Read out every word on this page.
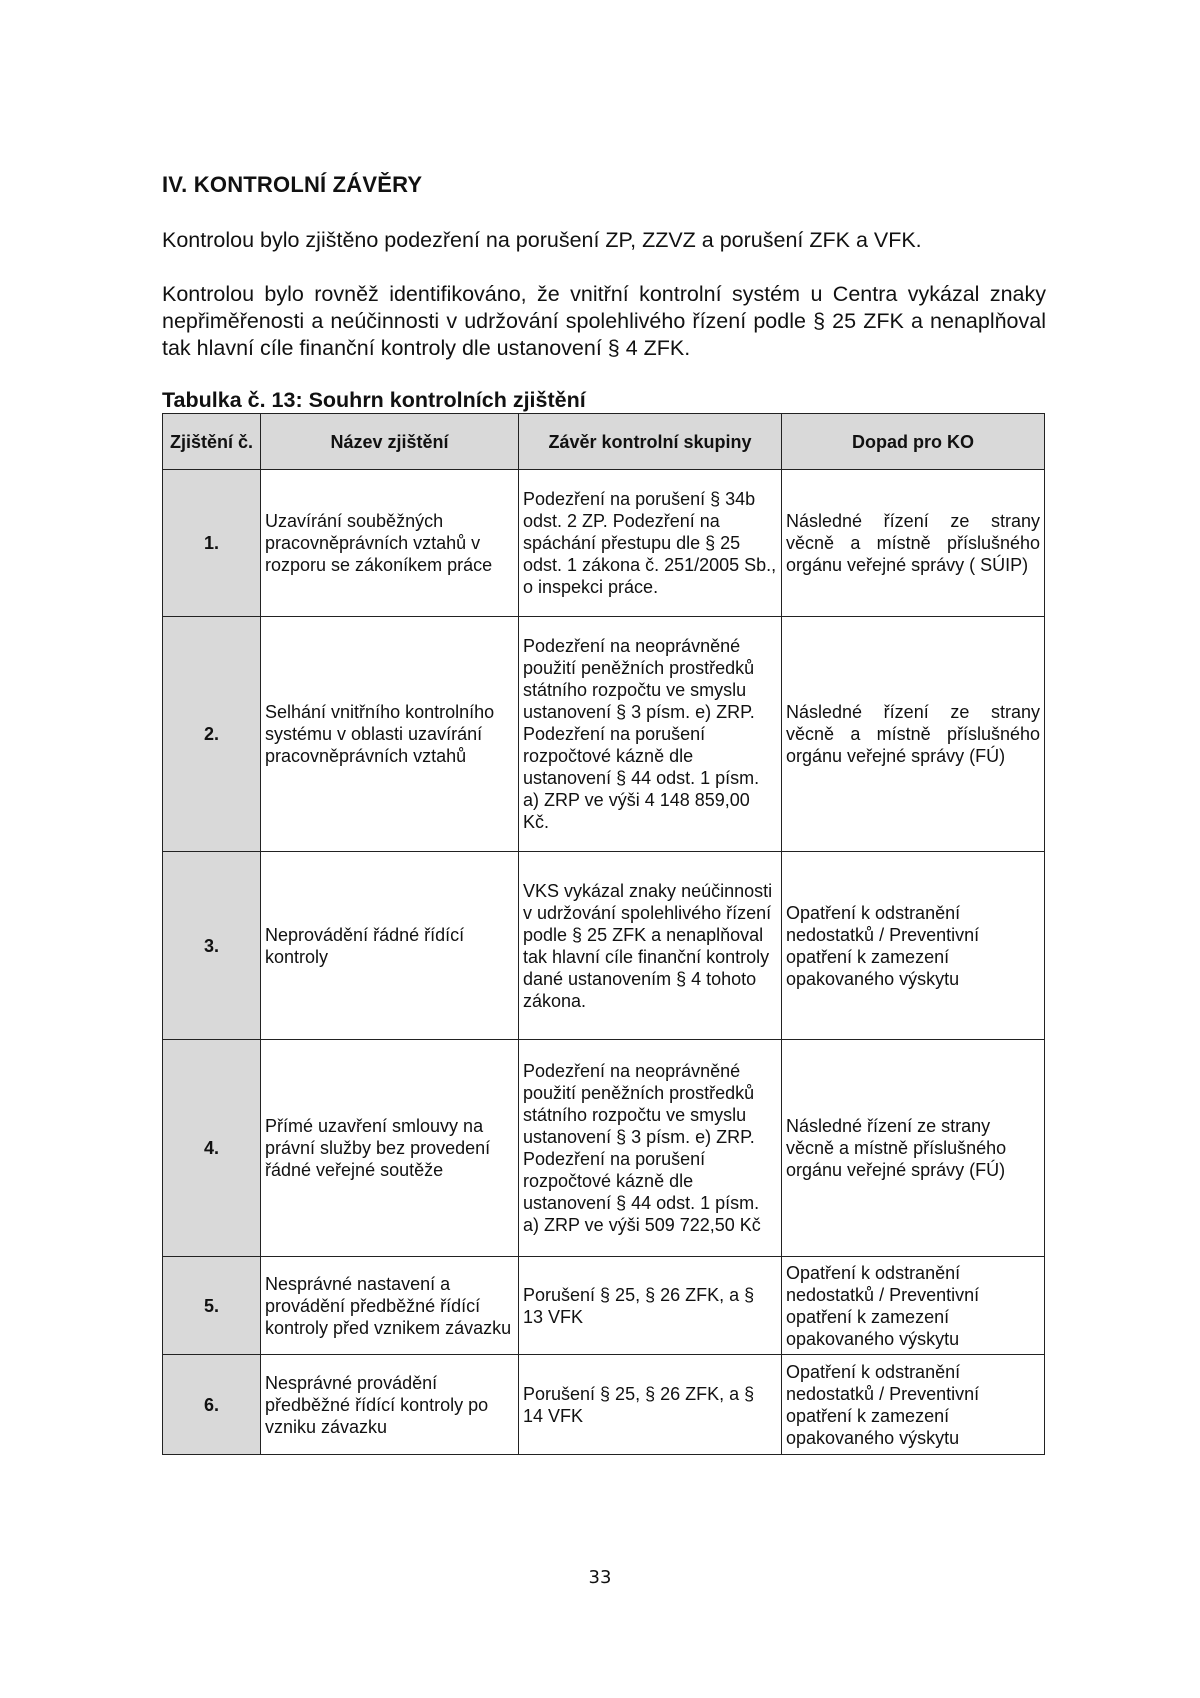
IV. KONTROLNÍ ZÁVĚRY

Kontrolou bylo zjištěno podezření na porušení ZP, ZZVZ a porušení ZFK a VFK.

Kontrolou bylo rovněž identifikováno, že vnitřní kontrolní systém u Centra vykázal znaky nepřiměřenosti a neúčinnosti v udržování spolehlivého řízení podle § 25 ZFK a nenaplňoval tak hlavní cíle finanční kontroly dle ustanovení § 4 ZFK.

Tabulka č. 13: Souhrn kontrolních zjištění

Zjištění č.	Název zjištění	Závěr kontrolní skupiny	Dopad pro KO
1.	Uzavírání souběžných pracovněprávních vztahů v rozporu se zákoníkem práce	Podezření na porušení § 34b odst. 2 ZP. Podezření na spáchání přestupu dle § 25 odst. 1 zákona č. 251/2005 Sb., o inspekci práce.	Následné řízení ze strany věcně a místně příslušného orgánu veřejné správy ( SÚIP)
2.	Selhání vnitřního kontrolního systému v oblasti uzavírání pracovněprávních vztahů	Podezření na neoprávněné použití peněžních prostředků státního rozpočtu ve smyslu ustanovení § 3 písm. e) ZRP. Podezření na porušení rozpočtové kázně dle ustanovení § 44 odst. 1 písm. a) ZRP ve výši 4 148 859,00 Kč.	Následné řízení ze strany věcně a místně příslušného orgánu veřejné správy (FÚ)
3.	Neprovádění řádné řídící kontroly	VKS vykázal znaky neúčinnosti v udržování spolehlivého řízení podle § 25 ZFK a nenaplňoval tak hlavní cíle finanční kontroly dané ustanovením § 4 tohoto zákona.	Opatření k odstranění nedostatků / Preventivní opatření k zamezení opakovaného výskytu
4.	Přímé uzavření smlouvy na právní služby bez provedení řádné veřejné soutěže	Podezření na neoprávněné použití peněžních prostředků státního rozpočtu ve smyslu ustanovení § 3 písm. e) ZRP. Podezření na porušení rozpočtové kázně dle ustanovení § 44 odst. 1 písm. a) ZRP ve výši 509 722,50 Kč	Následné řízení ze strany věcně a místně příslušného orgánu veřejné správy (FÚ)
5.	Nesprávné nastavení a provádění předběžné řídící kontroly před vznikem závazku	Porušení § 25, § 26 ZFK, a § 13 VFK	Opatření k odstranění nedostatků / Preventivní opatření k zamezení opakovaného výskytu
6.	Nesprávné provádění předběžné řídící kontroly po vzniku závazku	Porušení § 25, § 26 ZFK, a § 14 VFK	Opatření k odstranění nedostatků / Preventivní opatření k zamezení opakovaného výskytu
33
